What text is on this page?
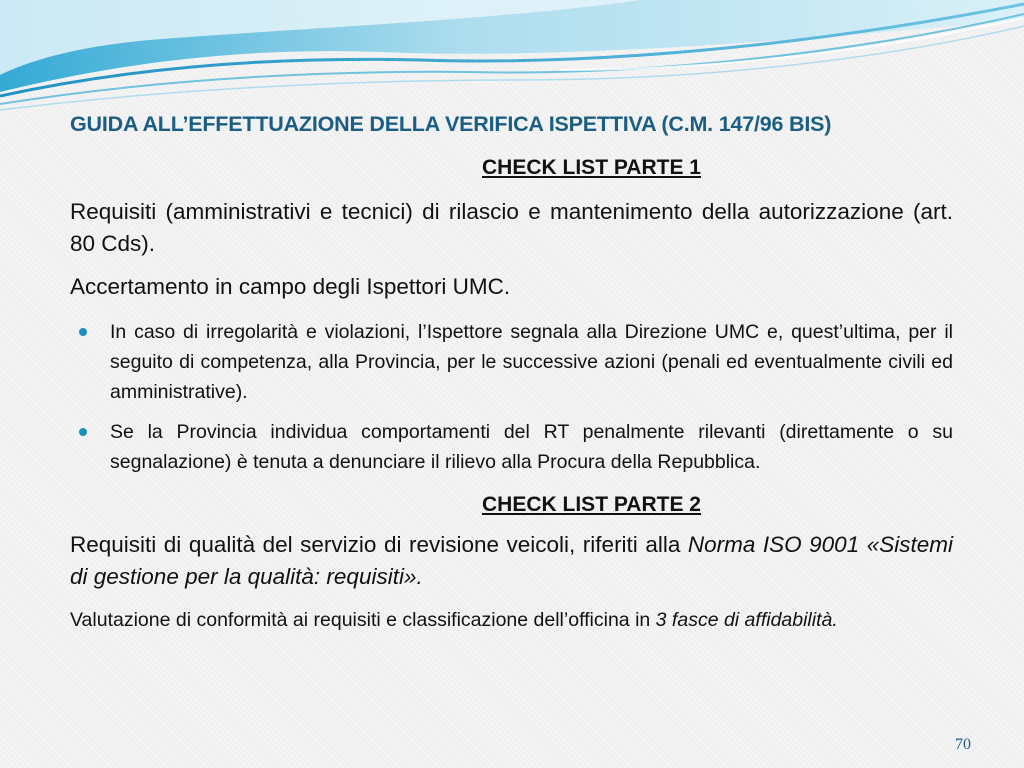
GUIDA ALL’EFFETTUAZIONE DELLA VERIFICA ISPETTIVA (C.M. 147/96 BIS)
CHECK LIST PARTE 1

Requisiti (amministrativi e tecnici) di rilascio e mantenimento della autorizzazione (art. 80 Cds).

Accertamento in campo degli Ispettori UMC.

In caso di irregolarità e violazioni, l’Ispettore segnala alla Direzione UMC e, quest’ultima, per il seguito di competenza, alla Provincia, per le successive azioni (penali ed eventualmente civili ed amministrative).
Se la Provincia individua comportamenti del RT penalmente rilevanti (direttamente o su segnalazione) è tenuta a denunciare il rilievo alla Procura della Repubblica.
CHECK LIST PARTE 2

Requisiti di qualità del servizio di revisione veicoli, riferiti alla Norma ISO 9001 «Sistemi di gestione per la qualità: requisiti».

Valutazione di conformità ai requisiti e classificazione dell’officina in 3 fasce di affidabilità.

70
